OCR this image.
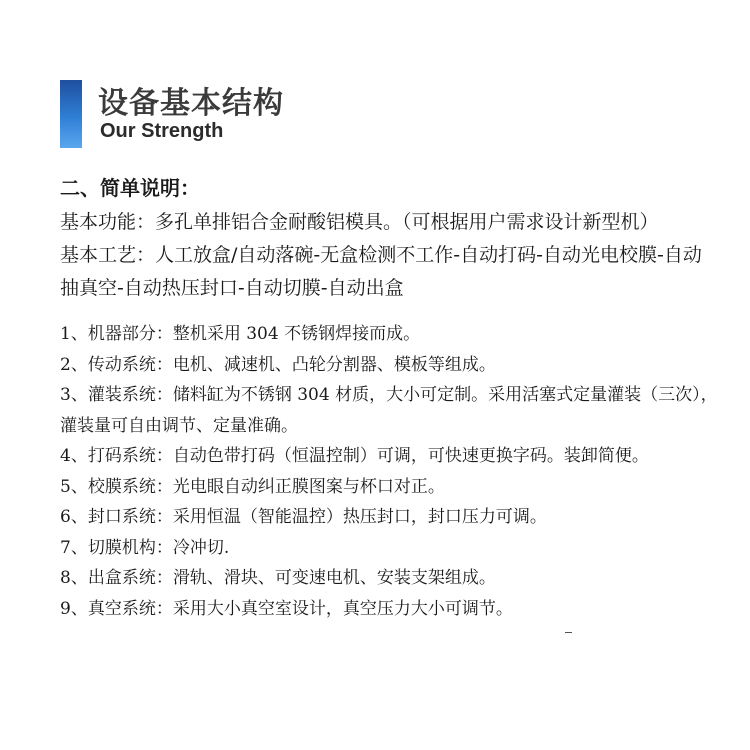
设备基本结构
Our Strength
二、简单说明：

基本功能：多孔单排铝合金耐酸铝模具。（可根据用户需求设计新型机）

基本工艺：人工放盒/自动落碗-无盒检测不工作-自动打码-自动光电校膜-自动抽真空-自动热压封口-自动切膜-自动出盒

1、机器部分：整机采用 304 不锈钢焊接而成。
2、传动系统：电机、减速机、凸轮分割器、模板等组成。
3、灌装系统：储料缸为不锈钢 304 材质，大小可定制。采用活塞式定量灌装（三次），灌装量可自由调节、定量准确。
4、打码系统：自动色带打码（恒温控制）可调，可快速更换字码。装卸简便。
5、校膜系统：光电眼自动纠正膜图案与杯口对正。
6、封口系统：采用恒温（智能温控）热压封口，封口压力可调。
7、切膜机构：冷冲切.
8、出盒系统：滑轨、滑块、可变速电机、安装支架组成。
9、真空系统：采用大小真空室设计，真空压力大小可调节。
